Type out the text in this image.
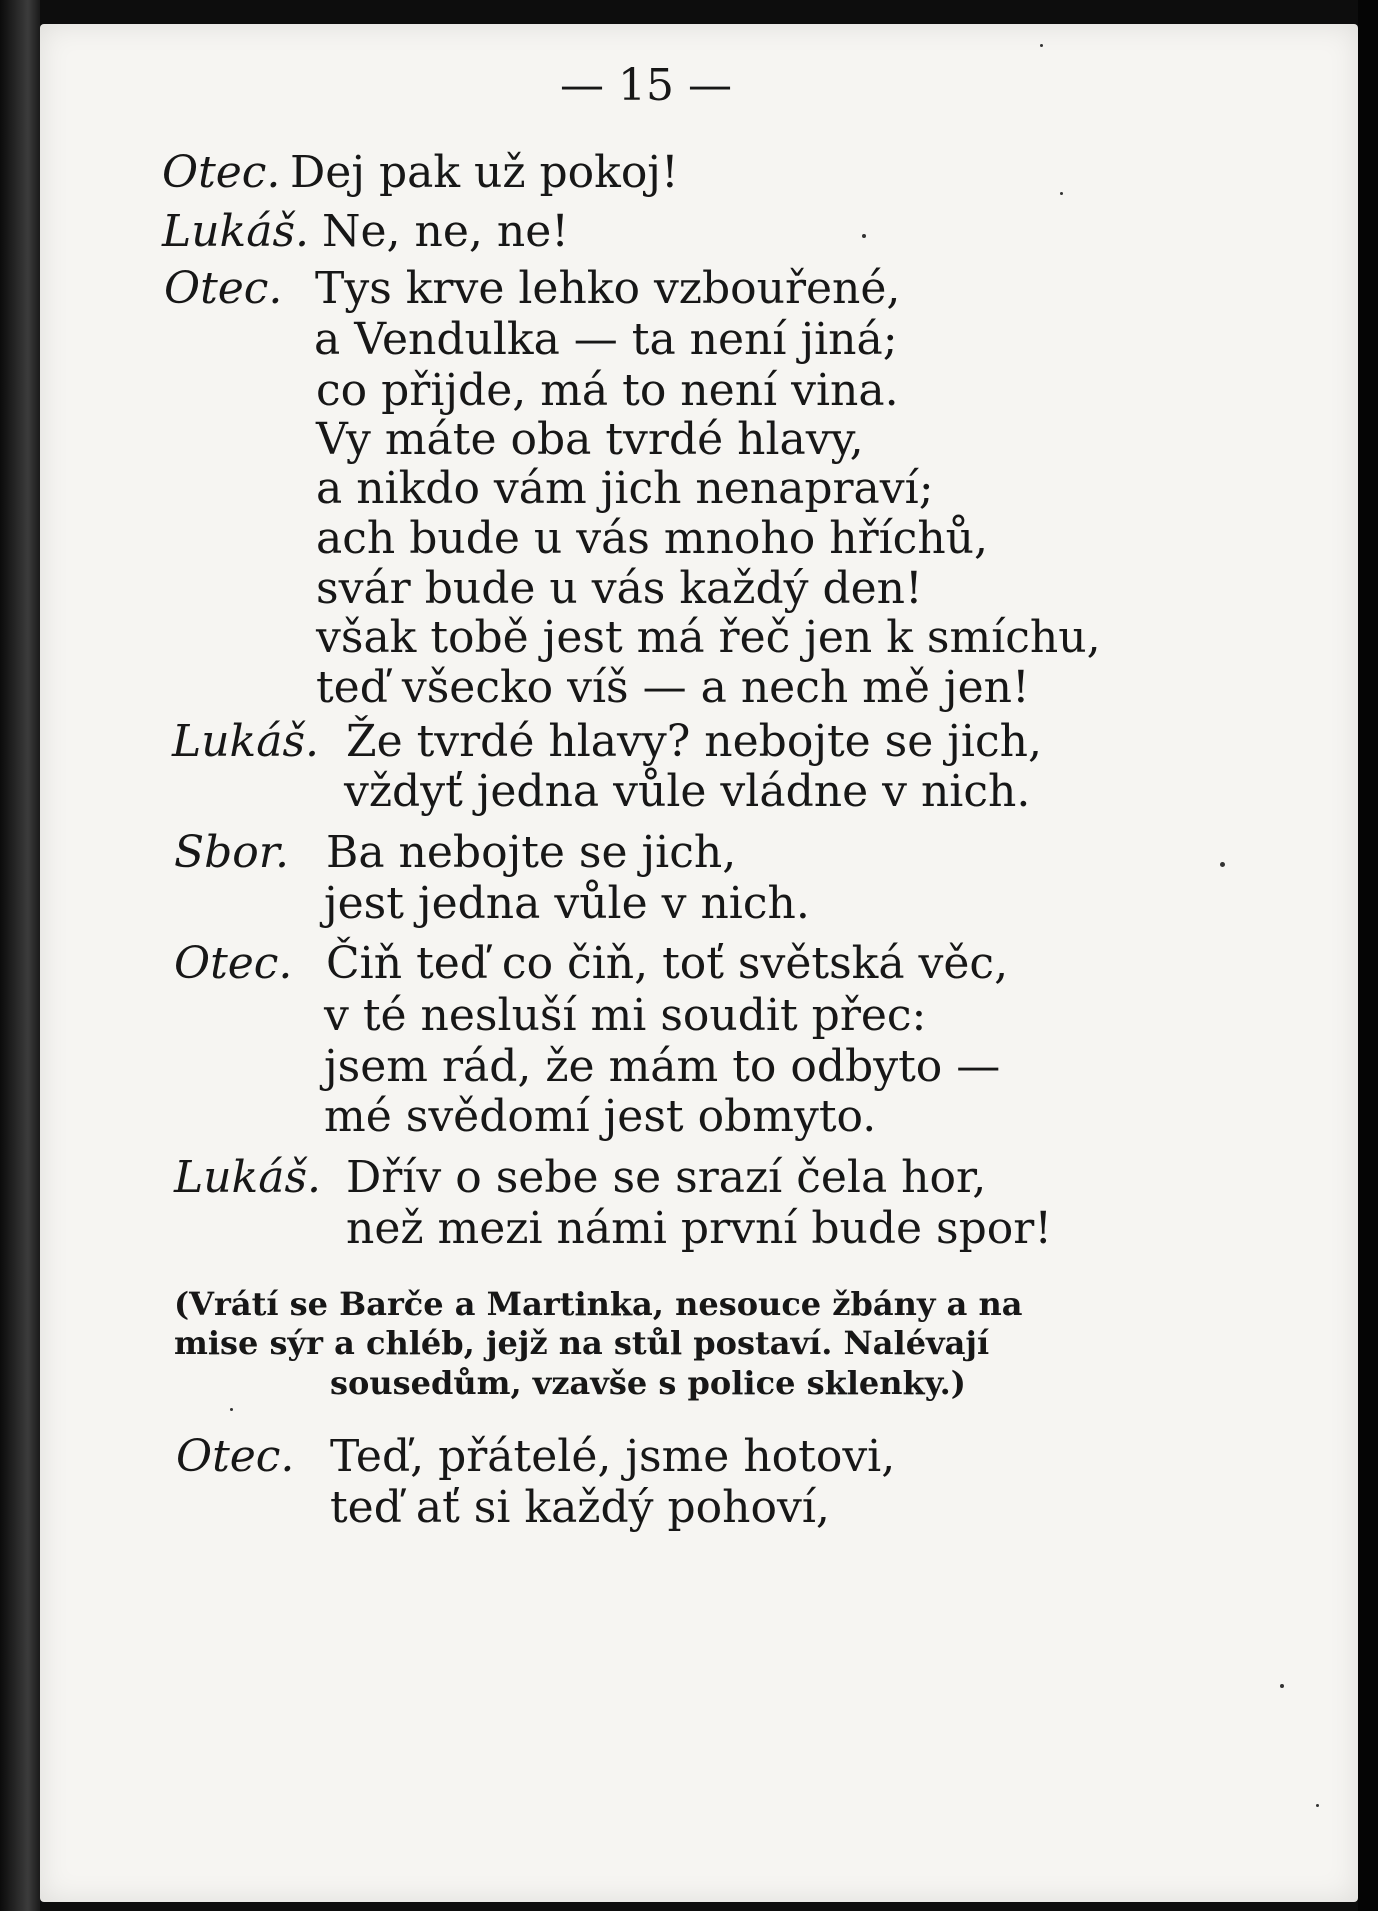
— 15 —
Otec. Dej pak už pokoj!
Lukáš. Ne, ne, ne!
Otec. Tys krve lehko vzbouřené,
a Vendulka — ta není jiná;
co přijde, má to není vina.
Vy máte oba tvrdé hlavy,
a nikdo vám jich nenapraví;
ach bude u vás mnoho hříchů,
svár bude u vás každý den!
však tobě jest má řeč jen k smíchu,
teď všecko víš — a nech mě jen!
Lukáš. Že tvrdé hlavy? nebojte se jich,
vždyť jedna vůle vládne v nich.
Sbor. Ba nebojte se jich,
jest jedna vůle v nich.
Otec. Čiň teď co čiň, toť světská věc,
v té nesluší mi soudit přec:
jsem rád, že mám to odbyto —
mé svědomí jest obmyto.
Lukáš. Dřív o sebe se srazí čela hor,
než mezi námi první bude spor!
(Vrátí se Barče a Martinka, nesouce žbány a na
mise sýr a chléb, jejž na stůl postaví. Nalévají
sousedům, vzavše s police sklenky.)
Otec. Teď, přátelé, jsme hotovi,
teď ať si každý pohoví,
